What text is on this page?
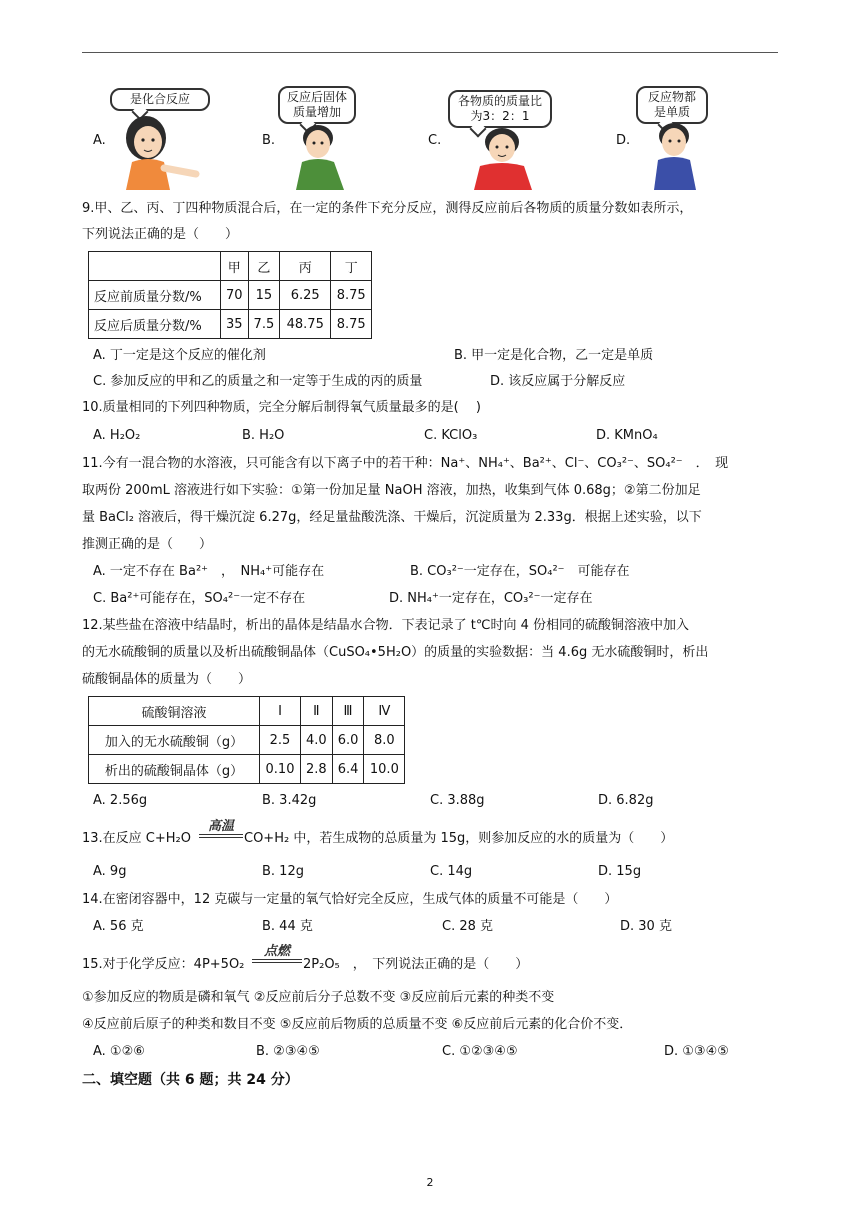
A.
是化合反应
B.
反应后固体质量增加
C.
各物质的质量比为3：2：1
D.
反应物都是单质
9.甲、乙、丙、丁四种物质混合后，在一定的条件下充分反应，测得反应前后各物质的质量分数如表所示，
下列说法正确的是（　　）
	甲	乙	丙	丁
反应前质量分数/%	70	15	6.25	8.75
反应后质量分数/%	35	7.5	48.75	8.75
A. 丁一定是这个反应的催化剂	B. 甲一定是化合物，乙一定是单质
C. 参加反应的甲和乙的质量之和一定等于生成的丙的质量	D. 该反应属于分解反应
10.质量相同的下列四种物质，完全分解后制得氧气质量最多的是(　 )
A. H₂O₂	B. H₂O	C. KClO₃	D. KMnO₄
11.今有一混合物的水溶液，只可能含有以下离子中的若干种：Na⁺、NH₄⁺、Ba²⁺、Cl⁻、CO₃²⁻、SO₄²⁻　．　现
取两份 200mL 溶液进行如下实验：①第一份加足量 NaOH 溶液，加热，收集到气体 0.68g；②第二份加足
量 BaCl₂ 溶液后，得干燥沉淀 6.27g，经足量盐酸洗涤、干燥后，沉淀质量为 2.33g．根据上述实验，以下
推测正确的是（　　）
A. 一定不存在 Ba²⁺　，　NH₄⁺可能存在	B. CO₃²⁻一定存在，SO₄²⁻　可能存在
C. Ba²⁺可能存在，SO₄²⁻一定不存在	D. NH₄⁺一定存在，CO₃²⁻一定存在
12.某些盐在溶液中结晶时，析出的晶体是结晶水合物．下表记录了 t℃时向 4 份相同的硫酸铜溶液中加入
的无水硫酸铜的质量以及析出硫酸铜晶体（CuSO₄•5H₂O）的质量的实验数据：当 4.6g 无水硫酸铜时，析出
硫酸铜晶体的质量为（　　）
硫酸铜溶液	Ⅰ	Ⅱ	Ⅲ	Ⅳ
加入的无水硫酸铜（g）	2.5	4.0	6.0	8.0
析出的硫酸铜晶体（g）	0.10	2.8	6.4	10.0
A. 2.56g	B. 3.42g	C. 3.88g	D. 6.82g
13.在反应 C+H₂O
高温
CO+H₂ 中，若生成物的总质量为 15g，则参加反应的水的质量为（　　）
A. 9g	B. 12g	C. 14g	D. 15g
14.在密闭容器中，12 克碳与一定量的氧气恰好完全反应，生成气体的质量不可能是（　　）
A. 56 克	B. 44 克	C. 28 克	D. 30 克
15.对于化学反应：4P+5O₂
点燃
2P₂O₅　，　下列说法正确的是（　　）
①参加反应的物质是磷和氧气 ②反应前后分子总数不变 ③反应前后元素的种类不变
④反应前后原子的种类和数目不变 ⑤反应前后物质的总质量不变 ⑥反应前后元素的化合价不变．
A. ①②⑥	B. ②③④⑤	C. ①②③④⑤	D. ①③④⑤
二、填空题（共 6 题；共 24 分）
2
